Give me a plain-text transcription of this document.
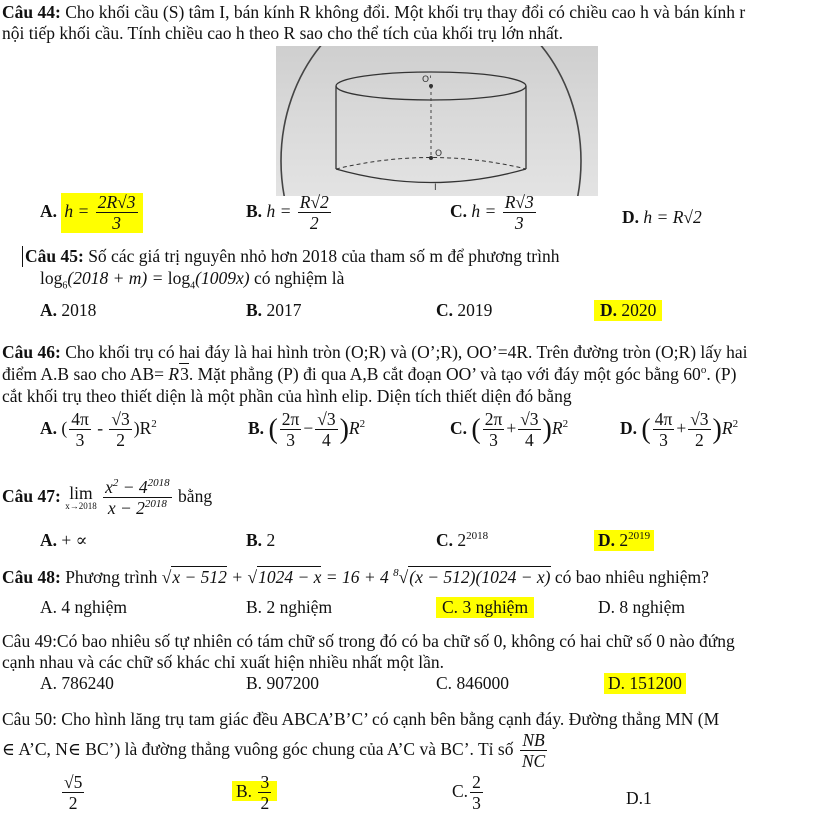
Câu 44: Cho khối cầu (S) tâm I, bán kính R không đổi. Một khối trụ thay đổi có chiều cao h và bán kính r
nội tiếp khối cầu. Tính chiều cao h theo R sao cho thể tích của khối trụ lớn nhất.
O'
O
I
A. $h = \frac{2R√3}{3}$	B. $h = \frac{R√2}{2}$	C. $h = \frac{R√3}{3}$	D. h = R√2
Câu 45: Số các giá trị nguyên nhỏ hơn 2018 của tham số m để phương trình
$\log_6(2018 + m) = \log_4(1009x)$ có nghiệm là
A. 2018	B. 2017	C. 2019	D. 2020
Câu 46: Cho khối trụ có hai đáy là hai hình tròn (O;R) và (O’;R), OO’=4R. Trên đường tròn (O;R) lấy hai
điểm A.B sao cho AB= R3. Mặt phẳng (P) đi qua A,B cắt đoạn OO’ và tạo với đáy một góc bằng 60$^o$. (P)
cắt khối trụ theo thiết diện là một phần của hình elip. Diện tích thiết diện đó bằng
A. ( $\frac{4\pi}{3} - \frac{√3}{2} )R^2$	B. ( $\frac{2\pi}{3} - \frac{√3}{4} )R^2$	C. ( $\frac{2\pi}{3} + \frac{√3}{4} )R^2$	D. ( $\frac{4\pi}{3} + \frac{√3}{2} )R^2$
Câu 47: lim
x→2018
$\frac{x^2 - 4^{2018}}{x - 2^{2018}}$ bằng
A. + ∝	B. 2	C. $2^{2018}$	D. $2^{2019}$
Câu 48: Phương trình √x − 512 + √1024 − x = 16 + 4 $^8$√(x − 512)(1024 − x) có bao nhiêu nghiệm?
A. 4 nghiệm	B. 2 nghiệm	C. 3 nghiệm	D. 8 nghiệm
Câu 49:Có bao nhiêu số tự nhiên có tám chữ số trong đó có ba chữ số 0, không có hai chữ số 0 nào đứng
cạnh nhau và các chữ số khác chỉ xuất hiện nhiều nhất một lần.
A. 786240	B. 907200	C. 846000	D. 151200
Câu 50: Cho hình lăng trụ tam giác đều ABCA’B’C’ có cạnh bên bằng cạnh đáy. Đường thẳng MN (M
∈ A’C, N∈ BC’) là đường thẳng vuông góc chung của A’C và BC’. Tỉ số $\frac{NB}{NC}$
$\frac{√5}{2}$	B. $\frac{3}{2}$	C. $\frac{2}{3}$	D.1
